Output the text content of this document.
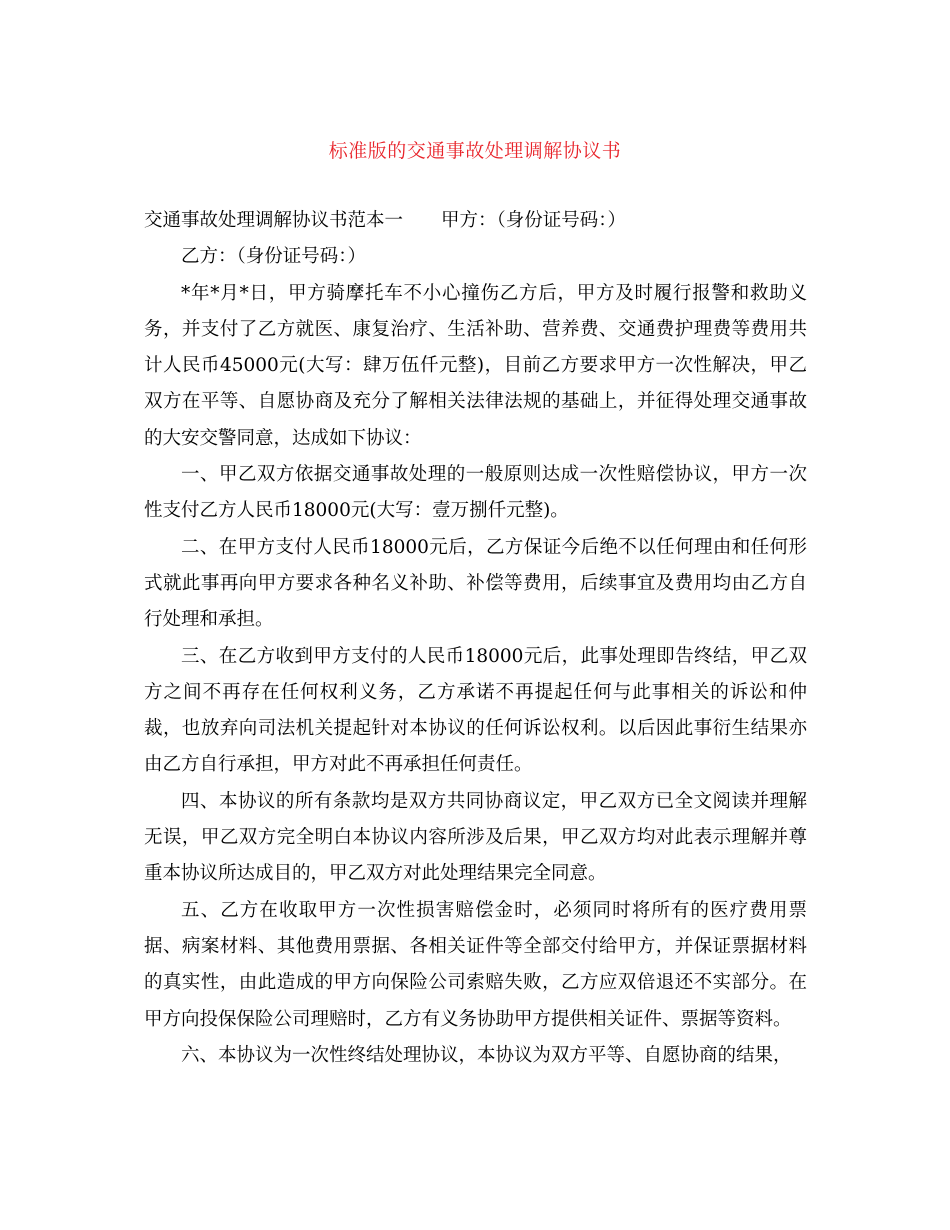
标准版的交通事故处理调解协议书

交通事故处理调解协议书范本一 甲方：（身份证号码：）

乙方：（身份证号码：）

*年*月*日，甲方骑摩托车不小心撞伤乙方后，甲方及时履行报警和救助义务，并支付了乙方就医、康复治疗、生活补助、营养费、交通费护理费等费用共计人民币45000元(大写：肆万伍仟元整)，目前乙方要求甲方一次性解决，甲乙双方在平等、自愿协商及充分了解相关法律法规的基础上，并征得处理交通事故的大安交警同意，达成如下协议：

一、甲乙双方依据交通事故处理的一般原则达成一次性赔偿协议，甲方一次性支付乙方人民币18000元(大写：壹万捌仟元整)。

二、在甲方支付人民币18000元后，乙方保证今后绝不以任何理由和任何形式就此事再向甲方要求各种名义补助、补偿等费用，后续事宜及费用均由乙方自行处理和承担。

三、在乙方收到甲方支付的人民币18000元后，此事处理即告终结，甲乙双方之间不再存在任何权利义务，乙方承诺不再提起任何与此事相关的诉讼和仲裁，也放弃向司法机关提起针对本协议的任何诉讼权利。以后因此事衍生结果亦由乙方自行承担，甲方对此不再承担任何责任。

四、本协议的所有条款均是双方共同协商议定，甲乙双方已全文阅读并理解无误，甲乙双方完全明白本协议内容所涉及后果，甲乙双方均对此表示理解并尊重本协议所达成目的，甲乙双方对此处理结果完全同意。

五、乙方在收取甲方一次性损害赔偿金时，必须同时将所有的医疗费用票据、病案材料、其他费用票据、各相关证件等全部交付给甲方，并保证票据材料的真实性，由此造成的甲方向保险公司索赔失败，乙方应双倍退还不实部分。在甲方向投保保险公司理赔时，乙方有义务协助甲方提供相关证件、票据等资料。

六、本协议为一次性终结处理协议，本协议为双方平等、自愿协商的结果，
